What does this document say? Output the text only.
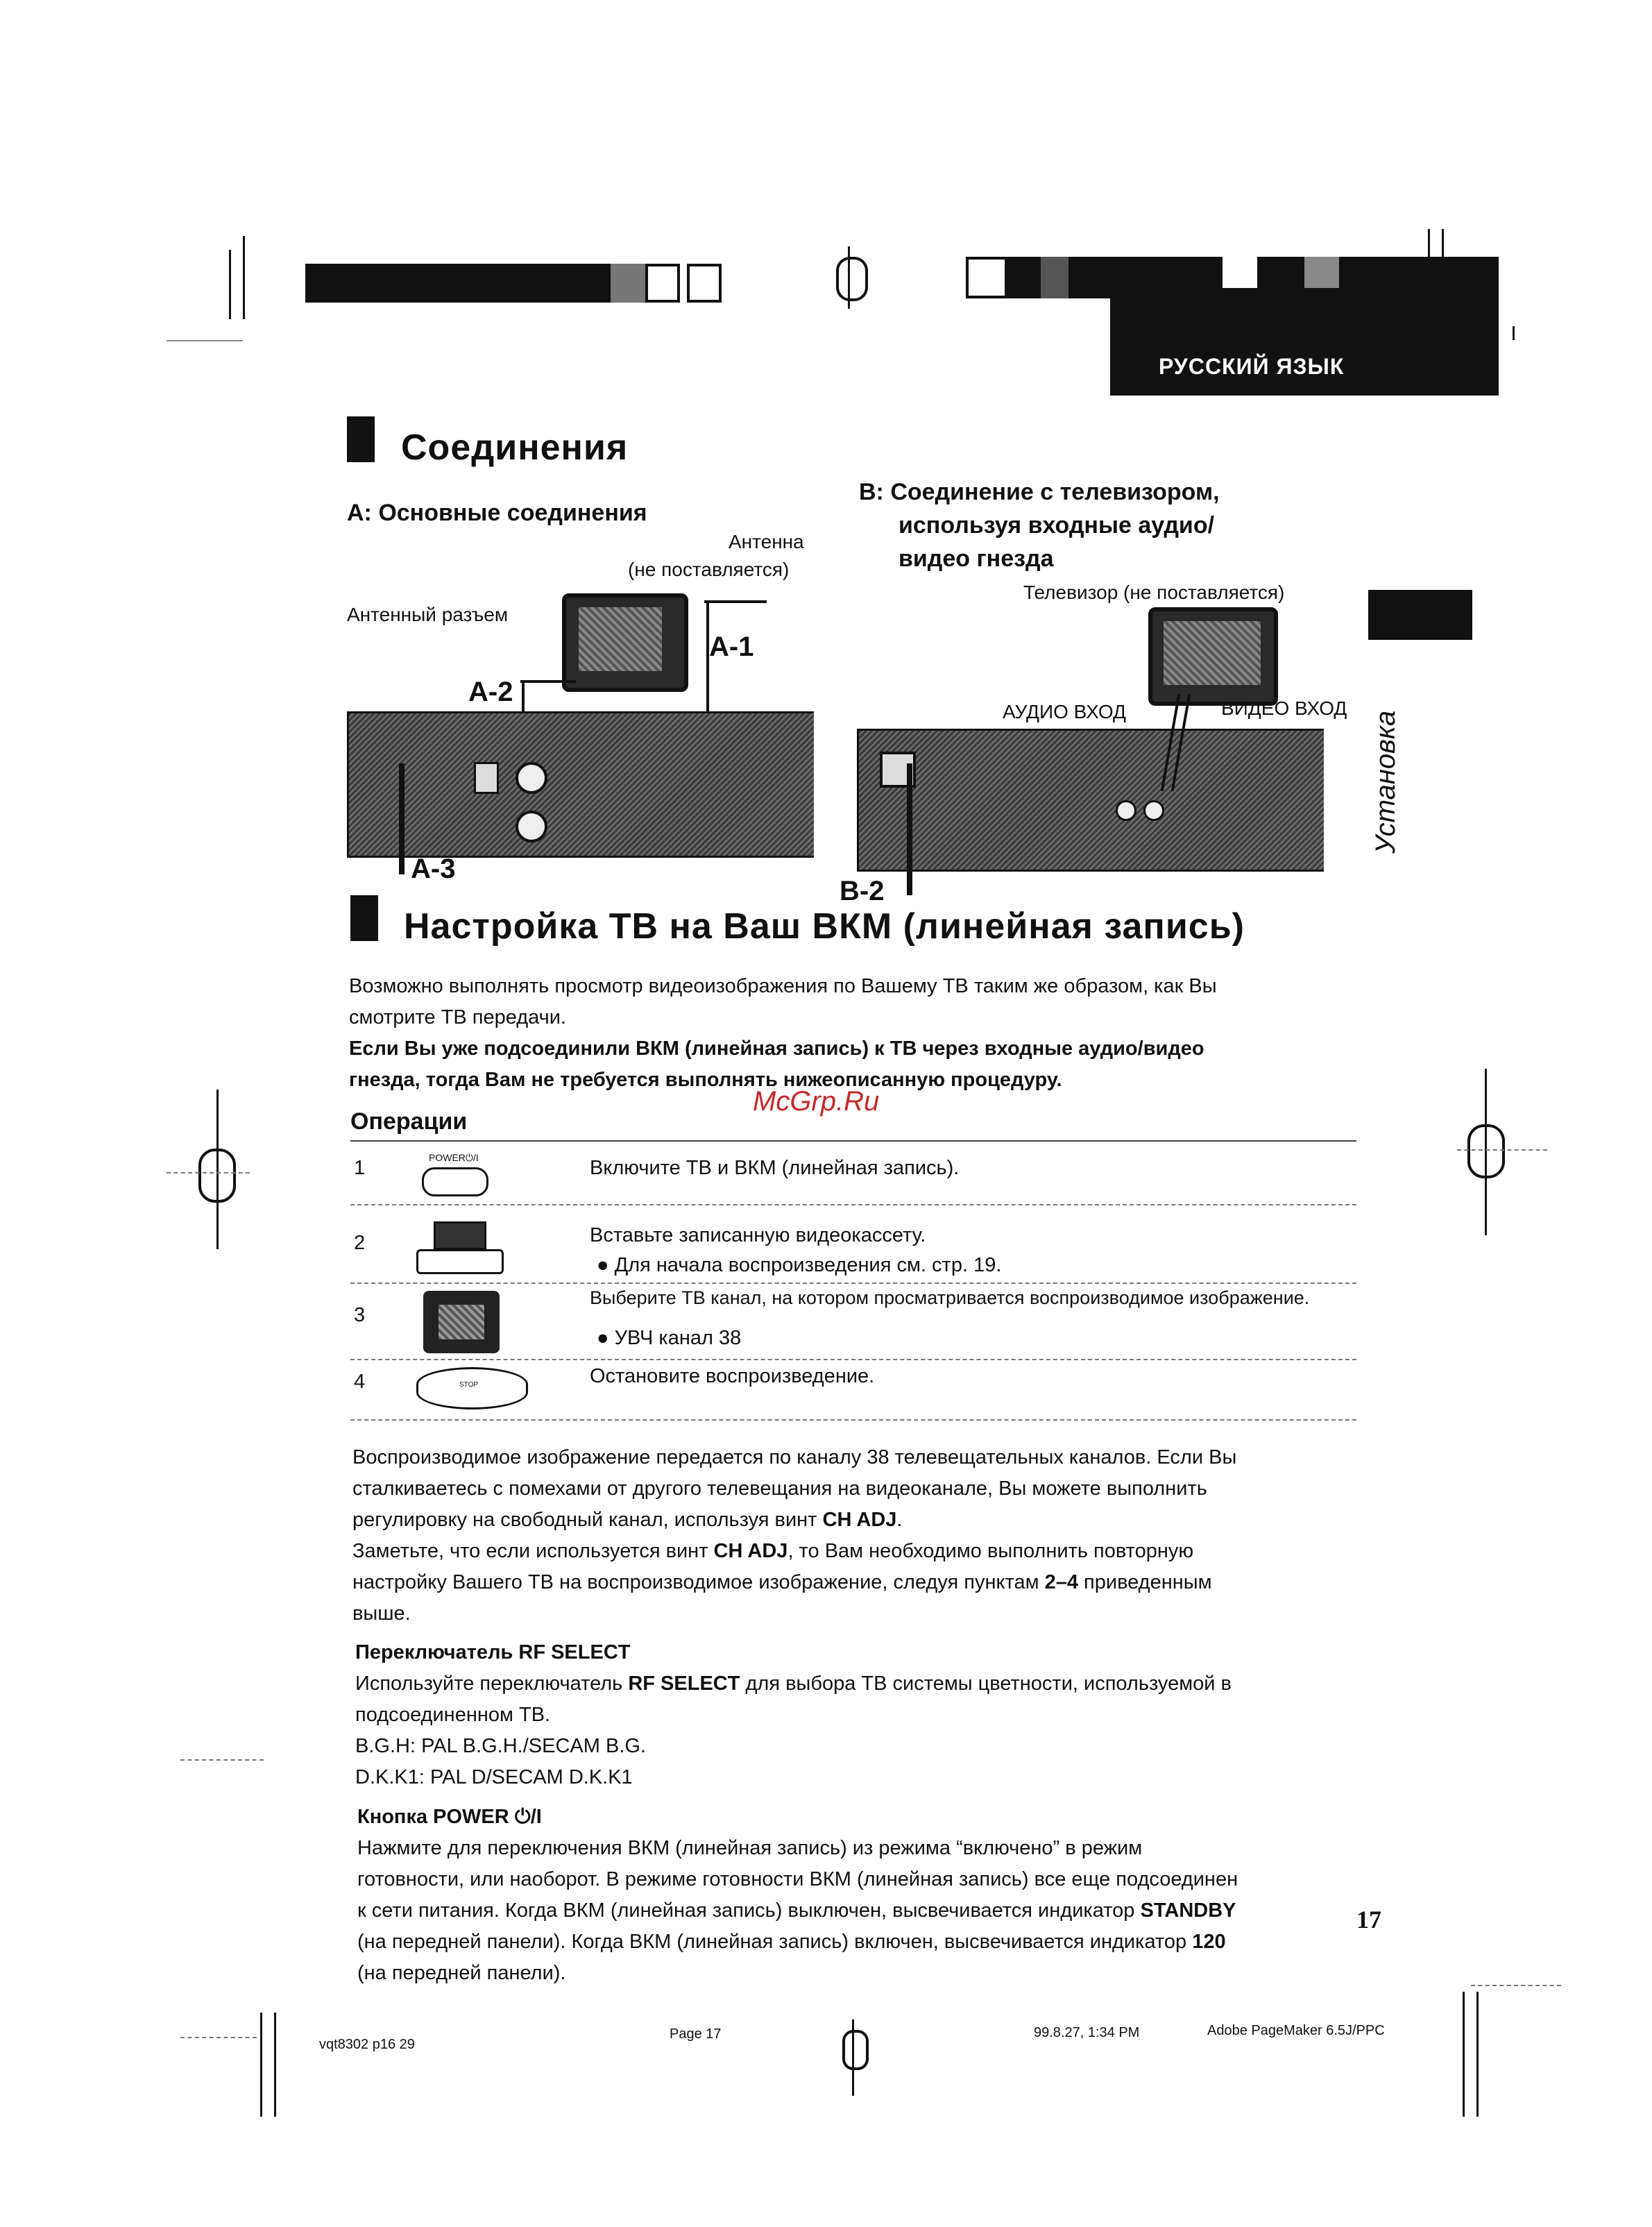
РУССКИЙ ЯЗЫК
Установка
Соединения
A: Основные соединения
Антенна
(не поставляется)
Антенный разъем
A-1
A-2
A-3
B: Соединение с телевизором,
используя входные аудио/
видео гнезда
Телевизор (не поставляется)
АУДИО ВХОД	ВИДЕО ВХОД
B-2
Настройка ТВ на Ваш ВКМ (линейная запись)
Возможно выполнять просмотр видеоизображения по Вашему ТВ таким же образом, как Вы
смотрите ТВ передачи.
Если Вы уже подсоединили ВКМ (линейная запись) к ТВ через входные аудио/видео
гнезда, тогда Вам не требуется выполнять нижеописанную процедуру.
McGrp.Ru
Операции
1	POWER⏻/I	Включите ТВ и ВКМ (линейная запись).
2	Вставьте записанную видеокассету.
● Для начала воспроизведения см. стр. 19.
3
Выберите ТВ канал, на котором просматривается воспроизводимое изображение.
● УВЧ канал 38
4	STOP	Остановите воспроизведение.
Воспроизводимое изображение передается по каналу 38 телевещательных каналов. Если Вы
сталкиваетесь с помехами от другого телевещания на видеоканале, Вы можете выполнить
регулировку на свободный канал, используя винт CH ADJ.
Заметьте, что если используется винт CH ADJ, то Вам необходимо выполнить повторную
настройку Вашего ТВ на воспроизводимое изображение, следуя пунктам 2–4 приведенным
выше.
Переключатель RF SELECT
Используйте переключатель RF SELECT для выбора ТВ системы цветности, используемой в
подсоединенном ТВ.
B.G.H: PAL B.G.H./SECAM B.G.
D.K.K1: PAL D/SECAM D.K.K1
Кнопка POWER ⏻/I
Нажмите для переключения ВКМ (линейная запись) из режима “включено” в режим
готовности, или наоборот. В режиме готовности ВКМ (линейная запись) все еще подсоединен
к сети питания. Когда ВКМ (линейная запись) выключен, высвечивается индикатор STANDBY
(на передней панели). Когда ВКМ (линейная запись) включен, высвечивается индикатор 120
(на передней панели).
17
vqt8302 p16 29
Page 17	99.8.27, 1:34 PM	Adobe PageMaker 6.5J/PPC
